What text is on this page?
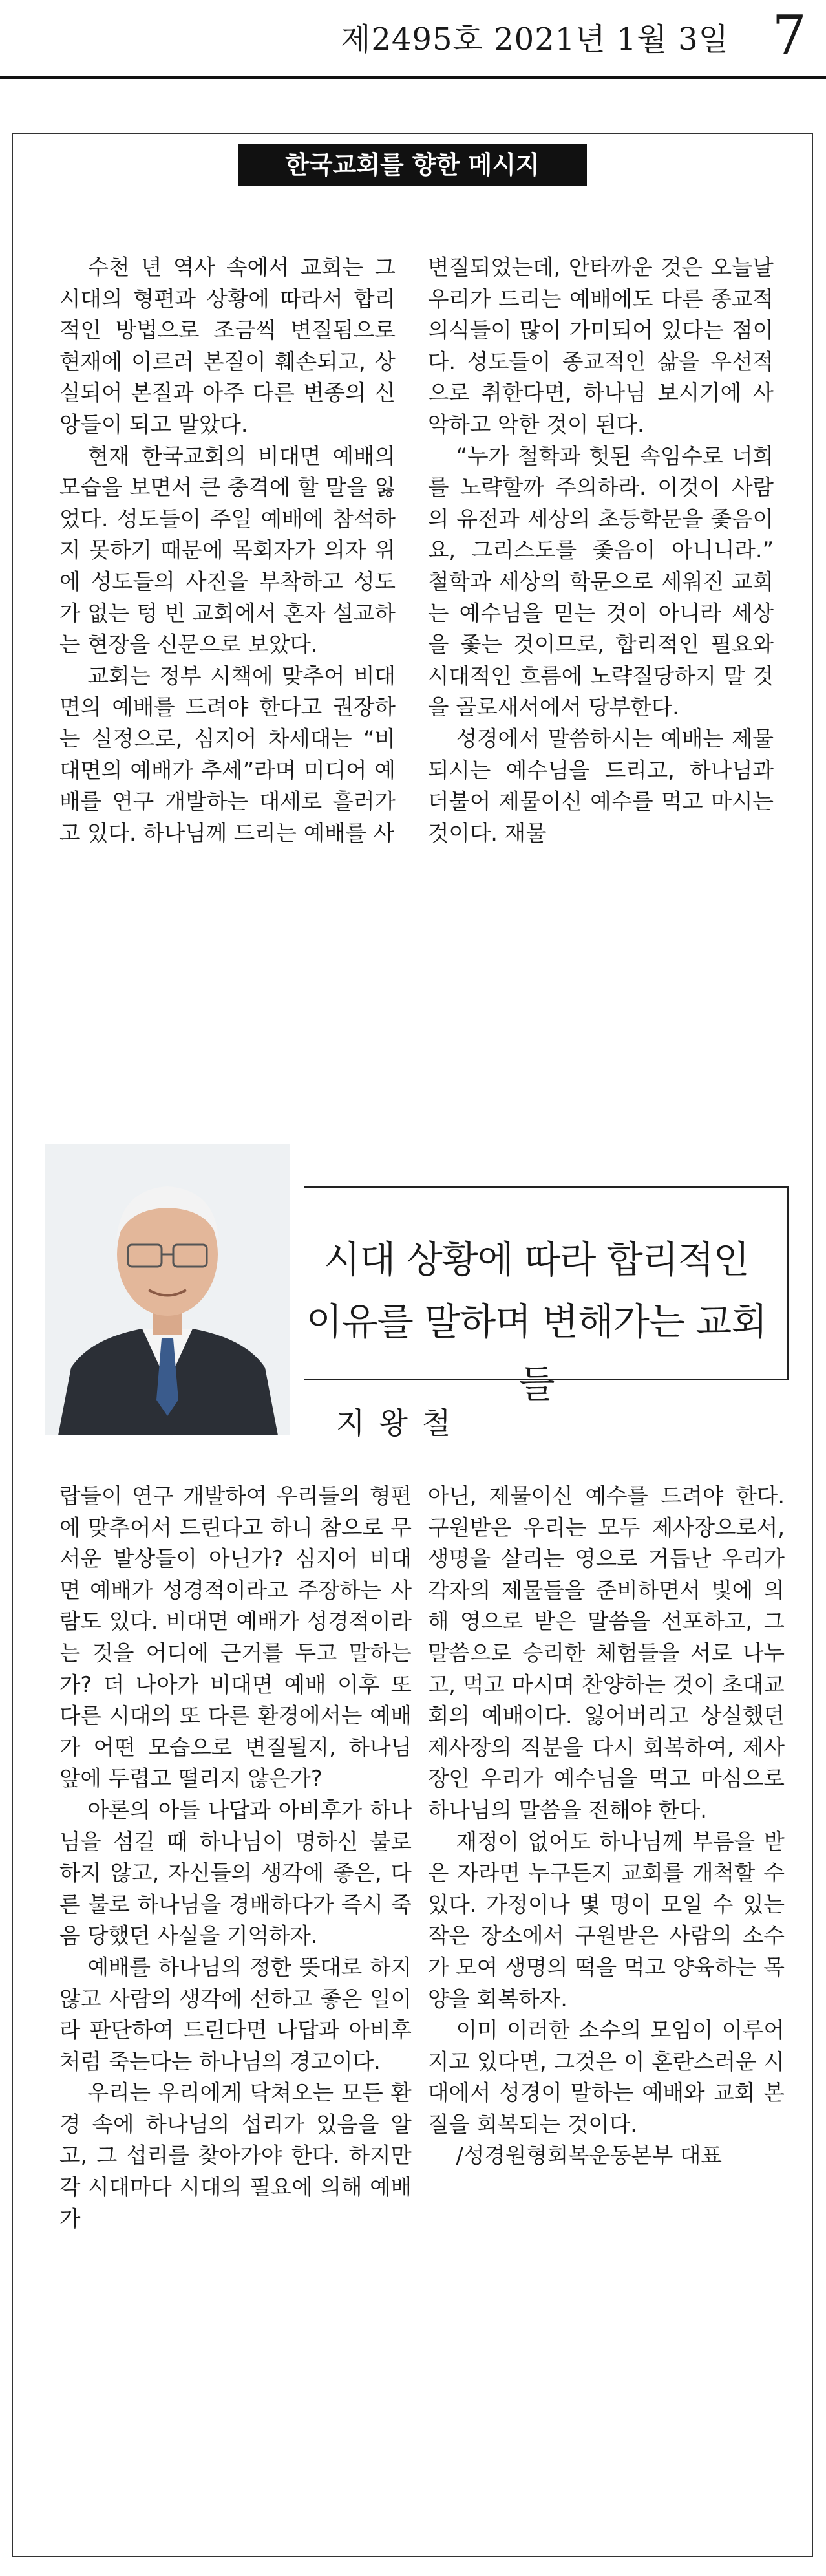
제2495호 2021년 1월 3일 7
한국교회를 향한 메시지

수천 년 역사 속에서 교회는 그 시대의 형편과 상황에 따라서 합리적인 방법으로 조금씩 변질됨으로 현재에 이르러 본질이 훼손되고, 상실되어 본질과 아주 다른 변종의 신앙들이 되고 말았다.

현재 한국교회의 비대면 예배의 모습을 보면서 큰 충격에 할 말을 잃었다. 성도들이 주일 예배에 참석하지 못하기 때문에 목회자가 의자 위에 성도들의 사진을 부착하고 성도가 없는 텅 빈 교회에서 혼자 설교하는 현장을 신문으로 보았다.

교회는 정부 시책에 맞추어 비대면의 예배를 드려야 한다고 권장하는 실정으로, 심지어 차세대는 “비대면의 예배가 추세”라며 미디어 예배를 연구 개발하는 대세로 흘러가고 있다. 하나님께 드리는 예배를 사

변질되었는데, 안타까운 것은 오늘날 우리가 드리는 예배에도 다른 종교적 의식들이 많이 가미되어 있다는 점이다. 성도들이 종교적인 삶을 우선적으로 취한다면, 하나님 보시기에 사악하고 악한 것이 된다.

“누가 철학과 헛된 속임수로 너희를 노략할까 주의하라. 이것이 사람의 유전과 세상의 초등학문을 좇음이요, 그리스도를 좇음이 아니니라.” 철학과 세상의 학문으로 세워진 교회는 예수님을 믿는 것이 아니라 세상을 좇는 것이므로, 합리적인 필요와 시대적인 흐름에 노략질당하지 말 것을 골로새서에서 당부한다.

성경에서 말씀하시는 예배는 제물 되시는 예수님을 드리고, 하나님과 더불어 제물이신 예수를 먹고 마시는 것이다. 재물

시대 상황에 따라 합리적인
이유를 말하며 변해가는 교회들
지왕철

랍들이 연구 개발하여 우리들의 형편에 맞추어서 드린다고 하니 참으로 무서운 발상들이 아닌가? 심지어 비대면 예배가 성경적이라고 주장하는 사람도 있다. 비대면 예배가 성경적이라는 것을 어디에 근거를 두고 말하는가? 더 나아가 비대면 예배 이후 또 다른 시대의 또 다른 환경에서는 예배가 어떤 모습으로 변질될지, 하나님 앞에 두렵고 떨리지 않은가?

아론의 아들 나답과 아비후가 하나님을 섬길 때 하나님이 명하신 불로 하지 않고, 자신들의 생각에 좋은, 다른 불로 하나님을 경배하다가 즉시 죽음 당했던 사실을 기억하자.

예배를 하나님의 정한 뜻대로 하지 않고 사람의 생각에 선하고 좋은 일이라 판단하여 드린다면 나답과 아비후처럼 죽는다는 하나님의 경고이다.

우리는 우리에게 닥쳐오는 모든 환경 속에 하나님의 섭리가 있음을 알고, 그 섭리를 찾아가야 한다. 하지만 각 시대마다 시대의 필요에 의해 예배가

아닌, 제물이신 예수를 드려야 한다. 구원받은 우리는 모두 제사장으로서, 생명을 살리는 영으로 거듭난 우리가 각자의 제물들을 준비하면서 빛에 의해 영으로 받은 말씀을 선포하고, 그 말씀으로 승리한 체험들을 서로 나누고, 먹고 마시며 찬양하는 것이 초대교회의 예배이다. 잃어버리고 상실했던 제사장의 직분을 다시 회복하여, 제사장인 우리가 예수님을 먹고 마심으로 하나님의 말씀을 전해야 한다.

재정이 없어도 하나님께 부름을 받은 자라면 누구든지 교회를 개척할 수 있다. 가정이나 몇 명이 모일 수 있는 작은 장소에서 구원받은 사람의 소수가 모여 생명의 떡을 먹고 양육하는 목양을 회복하자.

이미 이러한 소수의 모임이 이루어지고 있다면, 그것은 이 혼란스러운 시대에서 성경이 말하는 예배와 교회 본질을 회복되는 것이다.

/성경원형회복운동본부 대표
